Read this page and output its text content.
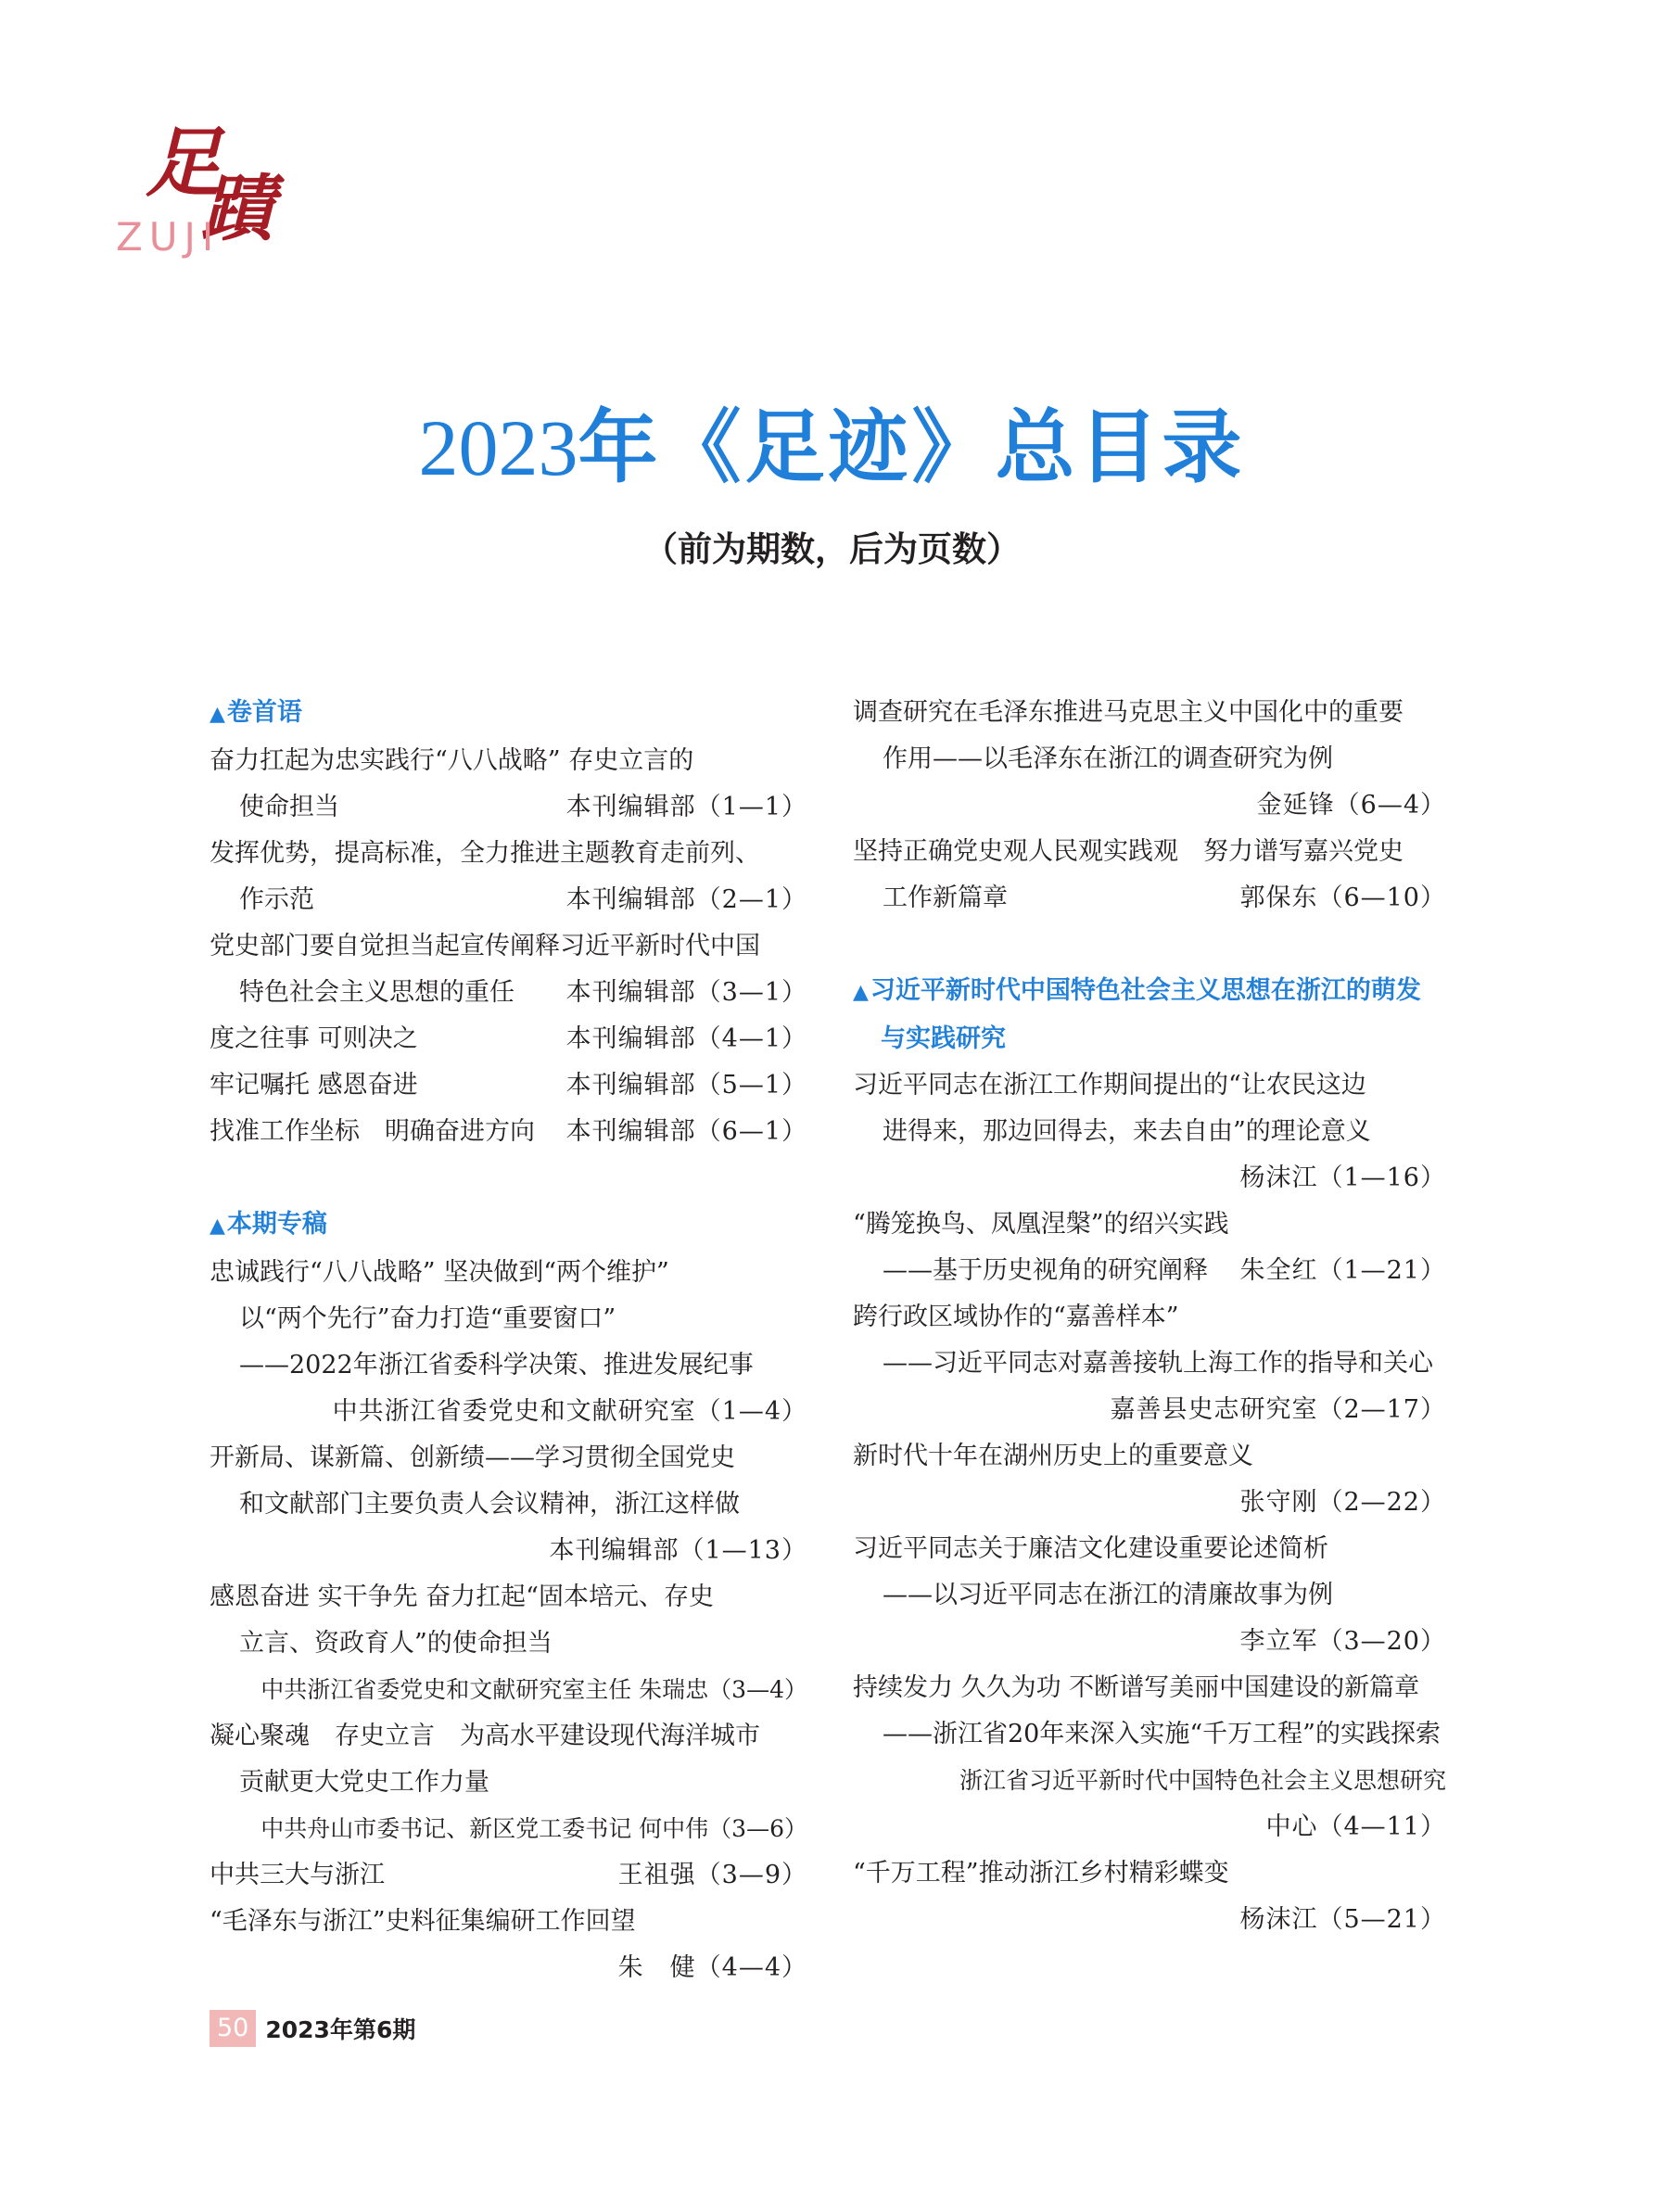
足
蹟
ZUJI
2023年《足迹》总目录
（前为期数，后为页数）
▲卷首语
奋力扛起为忠实践行“八八战略” 存史立言的
使命担当	本刊编辑部（1—1）
发挥优势，提高标准，全力推进主题教育走前列、
作示范	本刊编辑部（2—1）
党史部门要自觉担当起宣传阐释习近平新时代中国
特色社会主义思想的重任 本刊编辑部（3—1）
度之往事 可则决之	本刊编辑部（4—1）
牢记嘱托 感恩奋进	本刊编辑部（5—1）
找准工作坐标　明确奋进方向 本刊编辑部（6—1）
▲本期专稿
忠诚践行“八八战略” 坚决做到“两个维护”
以“两个先行”奋力打造“重要窗口”
——2022年浙江省委科学决策、推进发展纪事
中共浙江省委党史和文献研究室（1—4）
开新局、谋新篇、创新绩——学习贯彻全国党史
和文献部门主要负责人会议精神，浙江这样做
本刊编辑部（1—13）
感恩奋进 实干争先 奋力扛起“固本培元、存史
立言、资政育人”的使命担当
中共浙江省委党史和文献研究室主任 朱瑞忠（3—4）
凝心聚魂　存史立言　为高水平建设现代海洋城市
贡献更大党史工作力量
中共舟山市委书记、新区党工委书记 何中伟（3—6）
中共三大与浙江	王祖强（3—9）
“毛泽东与浙江”史料征集编研工作回望
朱　健（4—4）
调查研究在毛泽东推进马克思主义中国化中的重要
作用——以毛泽东在浙江的调查研究为例
金延锋（6—4）
坚持正确党史观人民观实践观　努力谱写嘉兴党史
工作新篇章	郭保东（6—10）
▲习近平新时代中国特色社会主义思想在浙江的萌发
与实践研究
习近平同志在浙江工作期间提出的“让农民这边
进得来，那边回得去，来去自由”的理论意义
杨沫江（1—16）
“腾笼换鸟、凤凰涅槃”的绍兴实践
——基于历史视角的研究阐释 朱全红（1—21）
跨行政区域协作的“嘉善样本”
——习近平同志对嘉善接轨上海工作的指导和关心
嘉善县史志研究室（2—17）
新时代十年在湖州历史上的重要意义
张守刚（2—22）
习近平同志关于廉洁文化建设重要论述简析
——以习近平同志在浙江的清廉故事为例
李立军（3—20）
持续发力 久久为功 不断谱写美丽中国建设的新篇章
——浙江省20年来深入实施“千万工程”的实践探索
浙江省习近平新时代中国特色社会主义思想研究
中心（4—11）
“千万工程”推动浙江乡村精彩蝶变
杨沫江（5—21）
50 2023年第6期
